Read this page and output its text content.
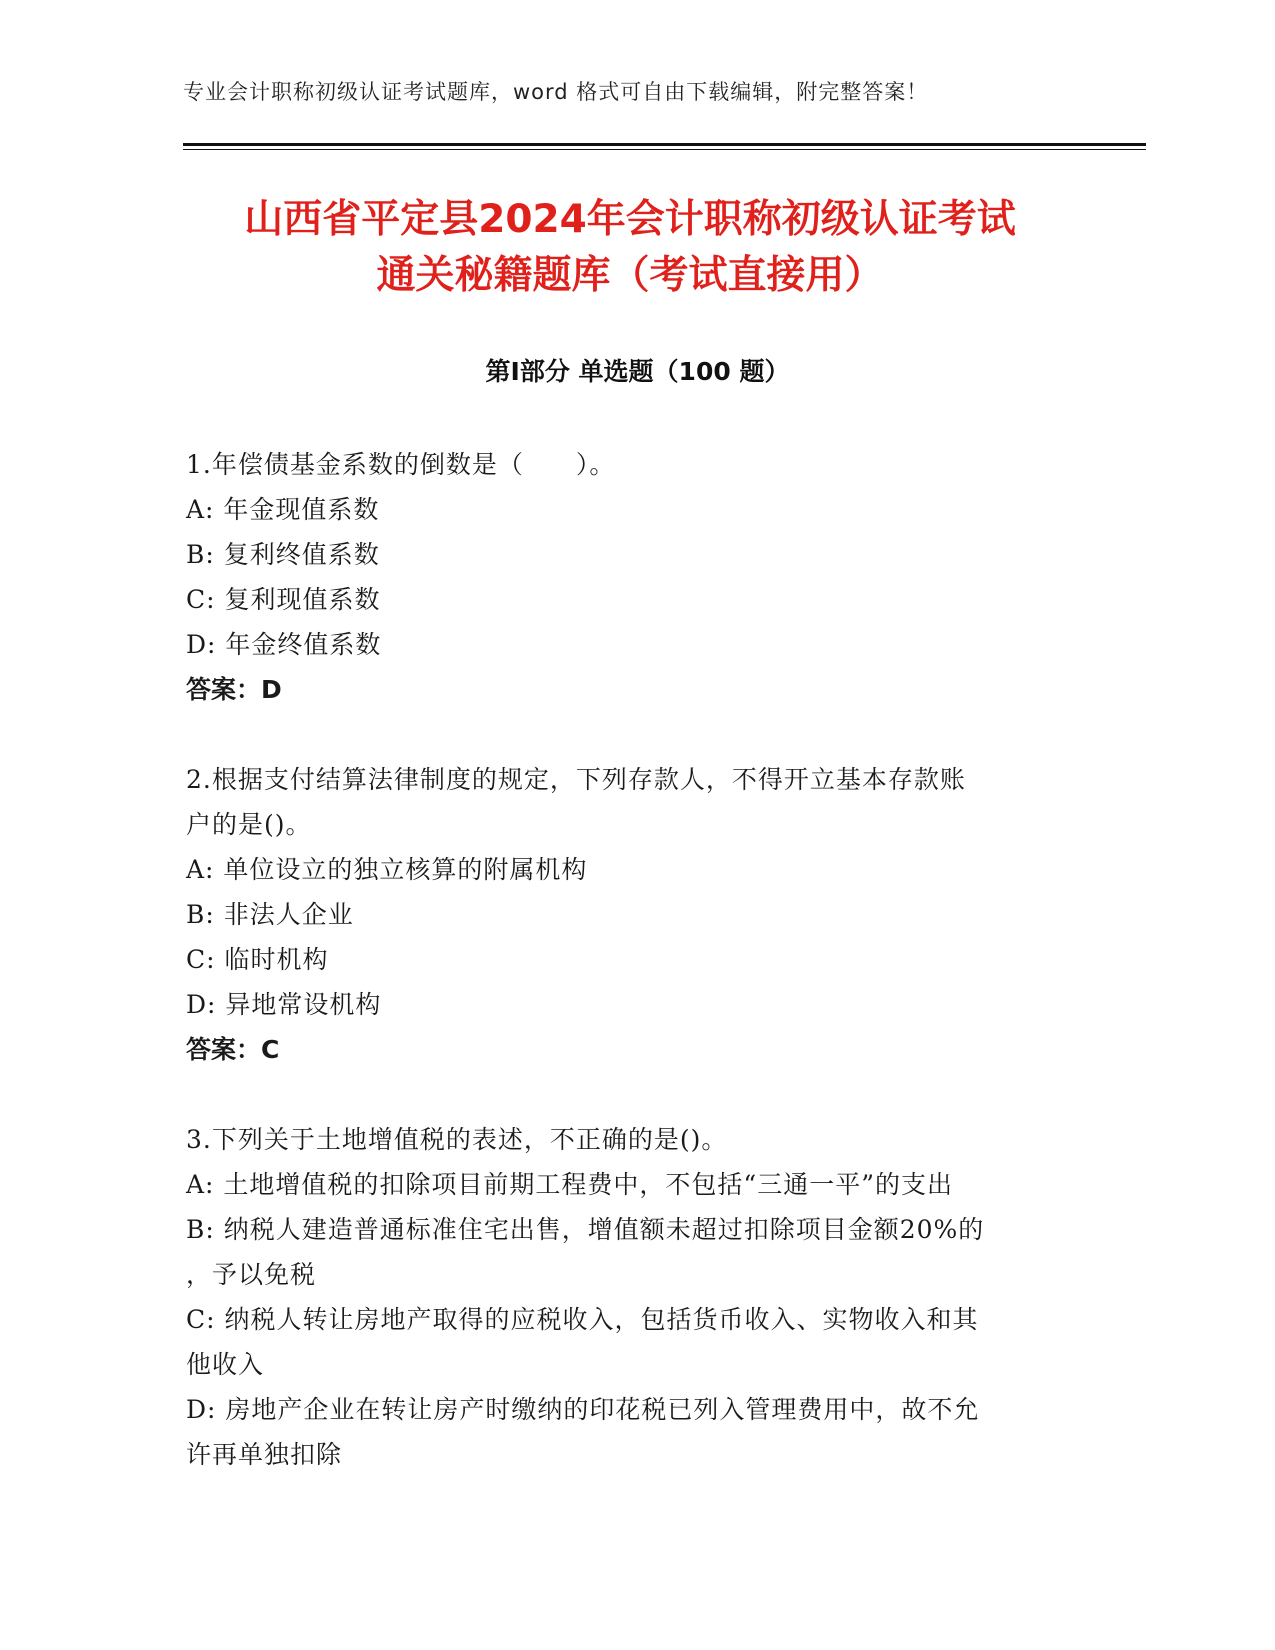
专业会计职称初级认证考试题库，word 格式可自由下载编辑，附完整答案！
山西省平定县2024年会计职称初级认证考试
通关秘籍题库（考试直接用）
第Ⅰ部分 单选题（100 题）
1.年偿债基金系数的倒数是（　　）。
A: 年金现值系数
B: 复利终值系数
C: 复利现值系数
D: 年金终值系数
答案：D
2.根据支付结算法律制度的规定，下列存款人，不得开立基本存款账
户的是()。
A: 单位设立的独立核算的附属机构
B: 非法人企业
C: 临时机构
D: 异地常设机构
答案：C
3.下列关于土地增值税的表述，不正确的是()。
A: 土地增值税的扣除项目前期工程费中，不包括“三通一平”的支出
B: 纳税人建造普通标准住宅出售，增值额未超过扣除项目金额20%的
，予以免税
C: 纳税人转让房地产取得的应税收入，包括货币收入、实物收入和其
他收入
D: 房地产企业在转让房产时缴纳的印花税已列入管理费用中，故不允
许再单独扣除
